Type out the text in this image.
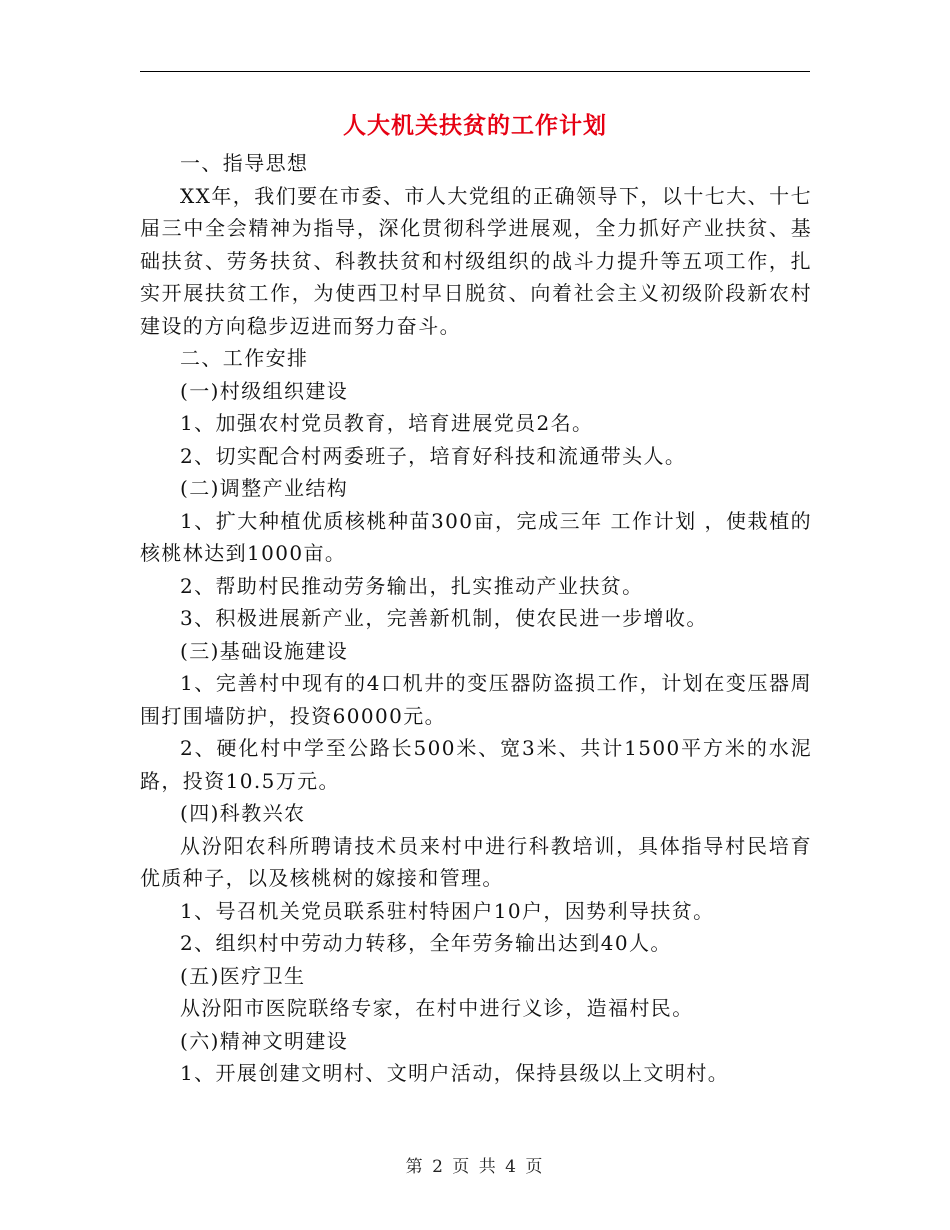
人大机关扶贫的工作计划

一、指导思想

XX年，我们要在市委、市人大党组的正确领导下，以十七大、十七届三中全会精神为指导，深化贯彻科学进展观，全力抓好产业扶贫、基础扶贫、劳务扶贫、科教扶贫和村级组织的战斗力提升等五项工作，扎实开展扶贫工作，为使西卫村早日脱贫、向着社会主义初级阶段新农村建设的方向稳步迈进而努力奋斗。

二、工作安排

(一)村级组织建设

1、加强农村党员教育，培育进展党员2名。

2、切实配合村两委班子，培育好科技和流通带头人。

(二)调整产业结构

1、扩大种植优质核桃种苗300亩，完成三年 工作计划 ，使栽植的核桃林达到1000亩。

2、帮助村民推动劳务输出，扎实推动产业扶贫。

3、积极进展新产业，完善新机制，使农民进一步增收。

(三)基础设施建设

1、完善村中现有的4口机井的变压器防盗损工作，计划在变压器周围打围墙防护，投资60000元。

2、硬化村中学至公路长500米、宽3米、共计1500平方米的水泥路，投资10.5万元。

(四)科教兴农

从汾阳农科所聘请技术员来村中进行科教培训，具体指导村民培育优质种子，以及核桃树的嫁接和管理。

1、号召机关党员联系驻村特困户10户，因势利导扶贫。

2、组织村中劳动力转移，全年劳务输出达到40人。

(五)医疗卫生

从汾阳市医院联络专家，在村中进行义诊，造福村民。

(六)精神文明建设

1、开展创建文明村、文明户活动，保持县级以上文明村。

第 2 页 共 4 页
